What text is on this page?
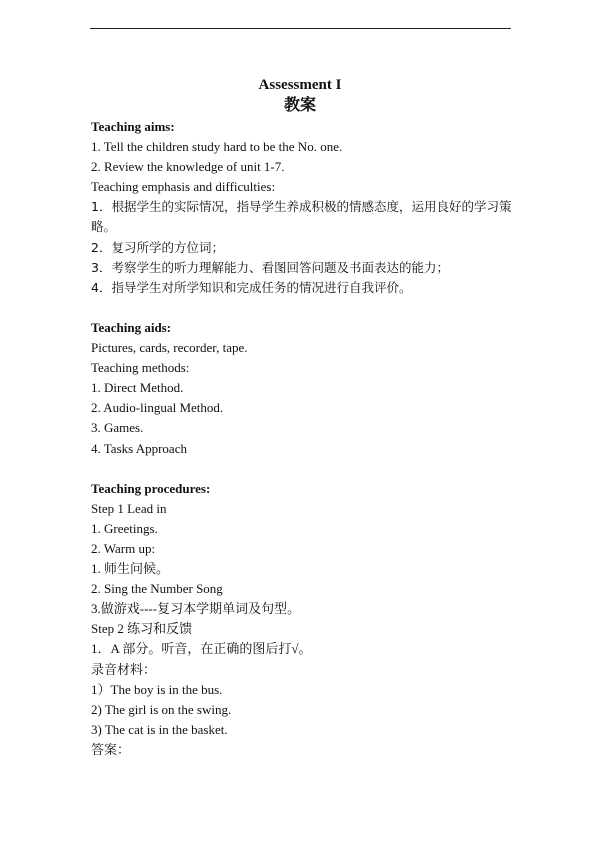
Assessment I
教案
Teaching aims:
1. Tell the children study hard to be the No. one.
2. Review the knowledge of unit 1-7.
Teaching emphasis and difficulties:
1．根据学生的实际情况，指导学生养成积极的情感态度，运用良好的学习策略。
2．复习所学的方位词；
3．考察学生的听力理解能力、看图回答问题及书面表达的能力；
4．指导学生对所学知识和完成任务的情况进行自我评价。
Teaching aids:
Pictures, cards, recorder, tape.
Teaching methods:
1. Direct Method.
2. Audio-lingual Method.
3. Games.
4. Tasks Approach
Teaching procedures:
Step 1 Lead in
1. Greetings.
2. Warm up:
1. 师生问候。
2. Sing the Number Song
3.做游戏----复习本学期单词及句型。
Step 2 练习和反馈
1．A 部分。听音，在正确的图后打√。
录音材料：
1）The boy is in the bus.
2) The girl is on the swing.
3) The cat is in the basket.
答案：
